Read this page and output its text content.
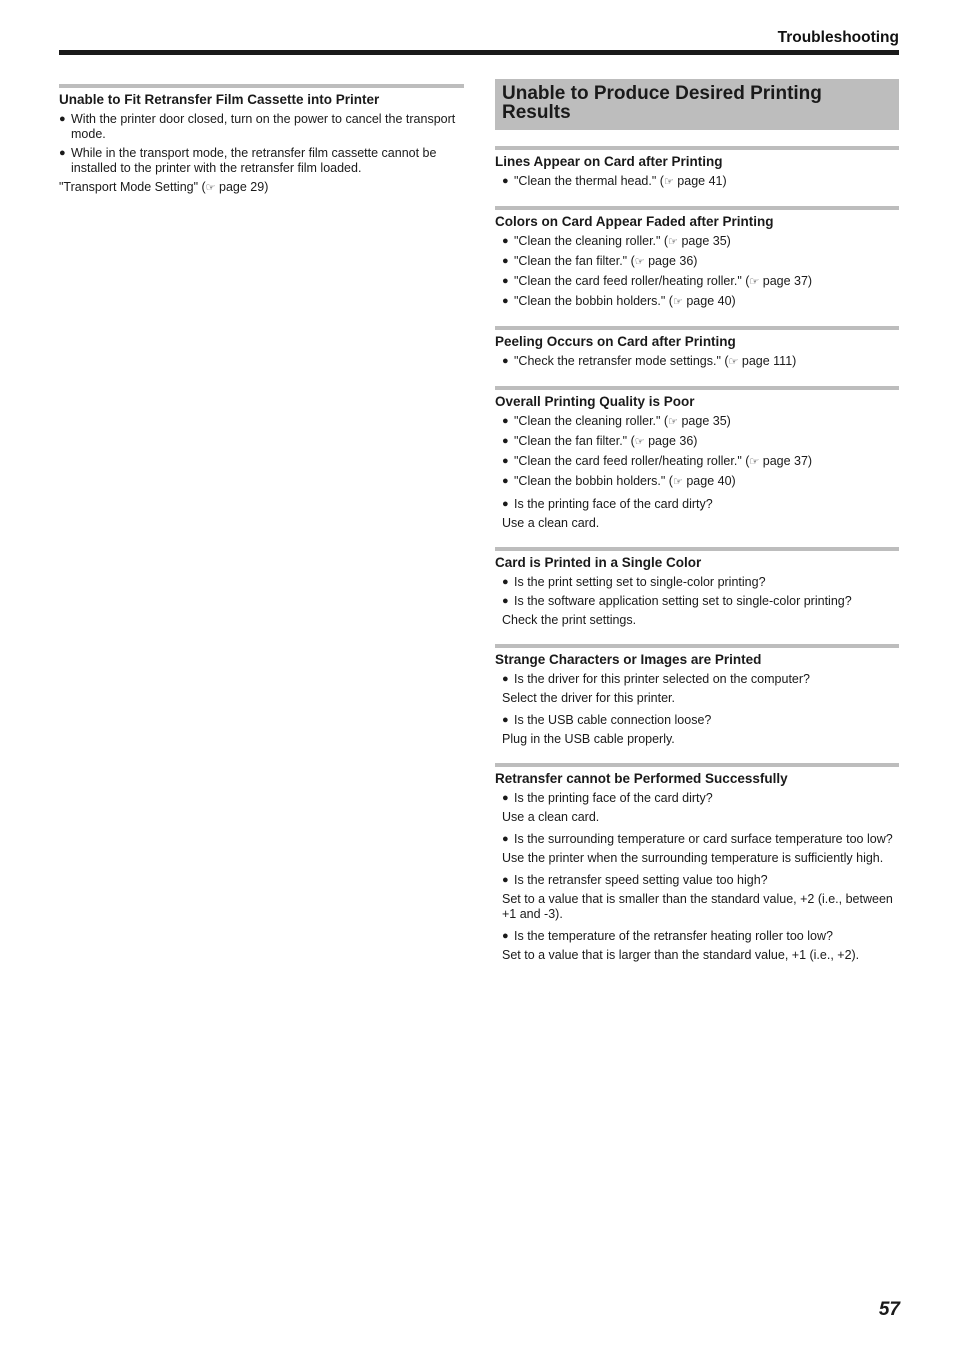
Troubleshooting
Unable to Fit Retransfer Film Cassette into Printer
● With the printer door closed, turn on the power to cancel the transport mode.
● While in the transport mode, the retransfer film cassette cannot be installed to the printer with the retransfer film loaded.
"Transport Mode Setting" (☞ page 29)
Unable to Produce Desired Printing Results
Lines Appear on Card after Printing
● "Clean the thermal head." (☞ page 41)
Colors on Card Appear Faded after Printing
● "Clean the cleaning roller." (☞ page 35)
● "Clean the fan filter." (☞ page 36)
● "Clean the card feed roller/heating roller." (☞ page 37)
● "Clean the bobbin holders." (☞ page 40)
Peeling Occurs on Card after Printing
● "Check the retransfer mode settings." (☞ page 111)
Overall Printing Quality is Poor
● "Clean the cleaning roller." (☞ page 35)
● "Clean the fan filter." (☞ page 36)
● "Clean the card feed roller/heating roller." (☞ page 37)
● "Clean the bobbin holders." (☞ page 40)
● Is the printing face of the card dirty?
Use a clean card.
Card is Printed in a Single Color
● Is the print setting set to single-color printing?
● Is the software application setting set to single-color printing?
Check the print settings.
Strange Characters or Images are Printed
● Is the driver for this printer selected on the computer?
Select the driver for this printer.
● Is the USB cable connection loose?
Plug in the USB cable properly.
Retransfer cannot be Performed Successfully
● Is the printing face of the card dirty?
Use a clean card.
● Is the surrounding temperature or card surface temperature too low?
Use the printer when the surrounding temperature is sufficiently high.
● Is the retransfer speed setting value too high?
Set to a value that is smaller than the standard value, +2 (i.e., between +1 and -3).
● Is the temperature of the retransfer heating roller too low?
Set to a value that is larger than the standard value, +1 (i.e., +2).
57
